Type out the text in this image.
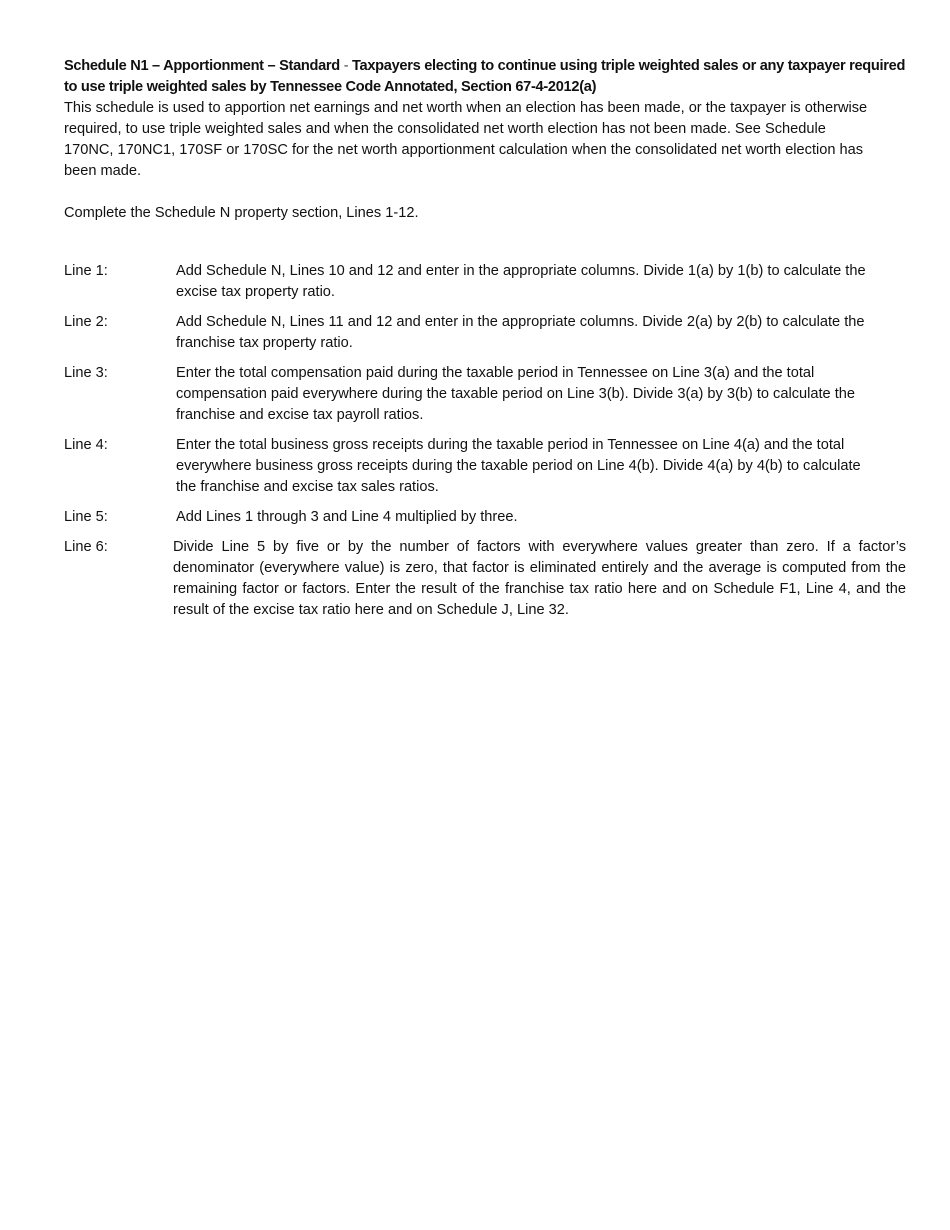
Schedule N1 – Apportionment – Standard - Taxpayers electing to continue using triple weighted sales or any taxpayer required to use triple weighted sales by Tennessee Code Annotated, Section 67-4-2012(a)

This schedule is used to apportion net earnings and net worth when an election has been made, or the taxpayer is otherwise required, to use triple weighted sales and when the consolidated net worth election has not been made. See Schedule 170NC, 170NC1, 170SF or 170SC for the net worth apportionment calculation when the consolidated net worth election has been made.

Complete the Schedule N property section, Lines 1-12.

Line 1:	Add Schedule N, Lines 10 and 12 and enter in the appropriate columns. Divide 1(a) by 1(b) to calculate the excise tax property ratio.
Line 2:	Add Schedule N, Lines 11 and 12 and enter in the appropriate columns. Divide 2(a) by 2(b) to calculate the franchise tax property ratio.
Line 3:	Enter the total compensation paid during the taxable period in Tennessee on Line 3(a) and the total compensation paid everywhere during the taxable period on Line 3(b). Divide 3(a) by 3(b) to calculate the franchise and excise tax payroll ratios.
Line 4:	Enter the total business gross receipts during the taxable period in Tennessee on Line 4(a) and the total everywhere business gross receipts during the taxable period on Line 4(b). Divide 4(a) by 4(b) to calculate the franchise and excise tax sales ratios.
Line 5:	Add Lines 1 through 3 and Line 4 multiplied by three.
Line 6:	Divide Line 5 by five or by the number of factors with everywhere values greater than zero. If a factor’s denominator (everywhere value) is zero, that factor is eliminated entirely and the average is computed from the remaining factor or factors. Enter the result of the franchise tax ratio here and on Schedule F1, Line 4, and the result of the excise tax ratio here and on Schedule J, Line 32.
